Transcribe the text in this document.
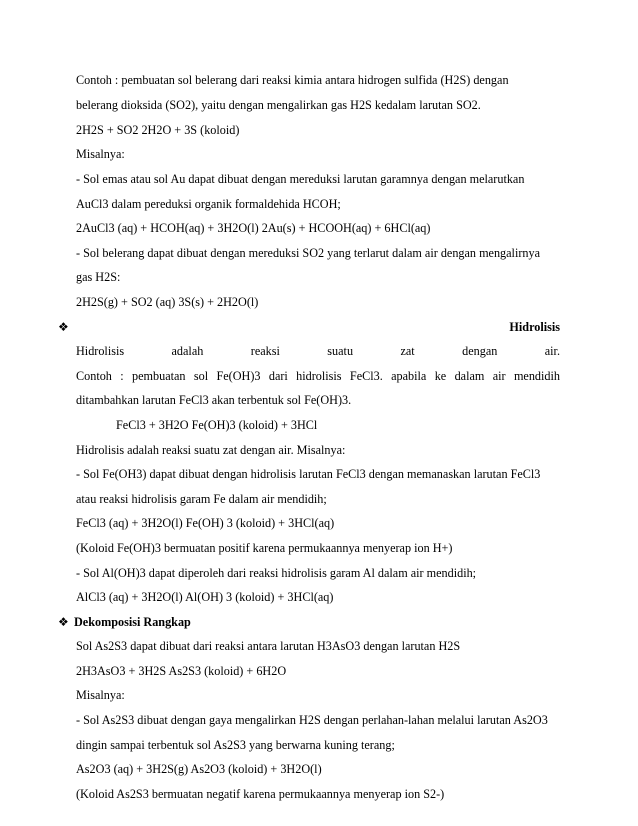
Contoh : pembuatan sol belerang dari reaksi kimia antara hidrogen sulfida (H2S) dengan
belerang dioksida (SO2), yaitu dengan mengalirkan gas H2S kedalam larutan SO2.
2H2S + SO2 2H2O + 3S (koloid)
Misalnya:
- Sol emas atau sol Au dapat dibuat dengan mereduksi larutan garamnya dengan melarutkan
AuCl3 dalam pereduksi organik formaldehida HCOH;
2AuCl3 (aq) + HCOH(aq) + 3H2O(l) 2Au(s) + HCOOH(aq) + 6HCl(aq)
- Sol belerang dapat dibuat dengan mereduksi SO2 yang terlarut dalam air dengan mengalirnya
gas H2S:
2H2S(g) + SO2 (aq) 3S(s) + 2H2O(l)
❖	Hidrolisis
Hidrolisis adalah reaksi suatu zat dengan air.
Contoh : pembuatan sol Fe(OH)3 dari hidrolisis FeCl3. apabila ke dalam air mendidih
ditambahkan larutan FeCl3 akan terbentuk sol Fe(OH)3.
FeCl3 + 3H2O Fe(OH)3 (koloid) + 3HCl
Hidrolisis adalah reaksi suatu zat dengan air. Misalnya:
- Sol Fe(OH3) dapat dibuat dengan hidrolisis larutan FeCl3 dengan memanaskan larutan FeCl3
atau reaksi hidrolisis garam Fe dalam air mendidih;
FeCl3 (aq) + 3H2O(l) Fe(OH) 3 (koloid) + 3HCl(aq)
(Koloid Fe(OH)3 bermuatan positif karena permukaannya menyerap ion H+)
- Sol Al(OH)3 dapat diperoleh dari reaksi hidrolisis garam Al dalam air mendidih;
AlCl3 (aq) + 3H2O(l) Al(OH) 3 (koloid) + 3HCl(aq)
❖ Dekomposisi Rangkap
Sol As2S3 dapat dibuat dari reaksi antara larutan H3AsO3 dengan larutan H2S
2H3AsO3 + 3H2S As2S3 (koloid) + 6H2O
Misalnya:
- Sol As2S3 dibuat dengan gaya mengalirkan H2S dengan perlahan-lahan melalui larutan As2O3
dingin sampai terbentuk sol As2S3 yang berwarna kuning terang;
As2O3 (aq) + 3H2S(g) As2O3 (koloid) + 3H2O(l)
(Koloid As2S3 bermuatan negatif karena permukaannya menyerap ion S2-)
